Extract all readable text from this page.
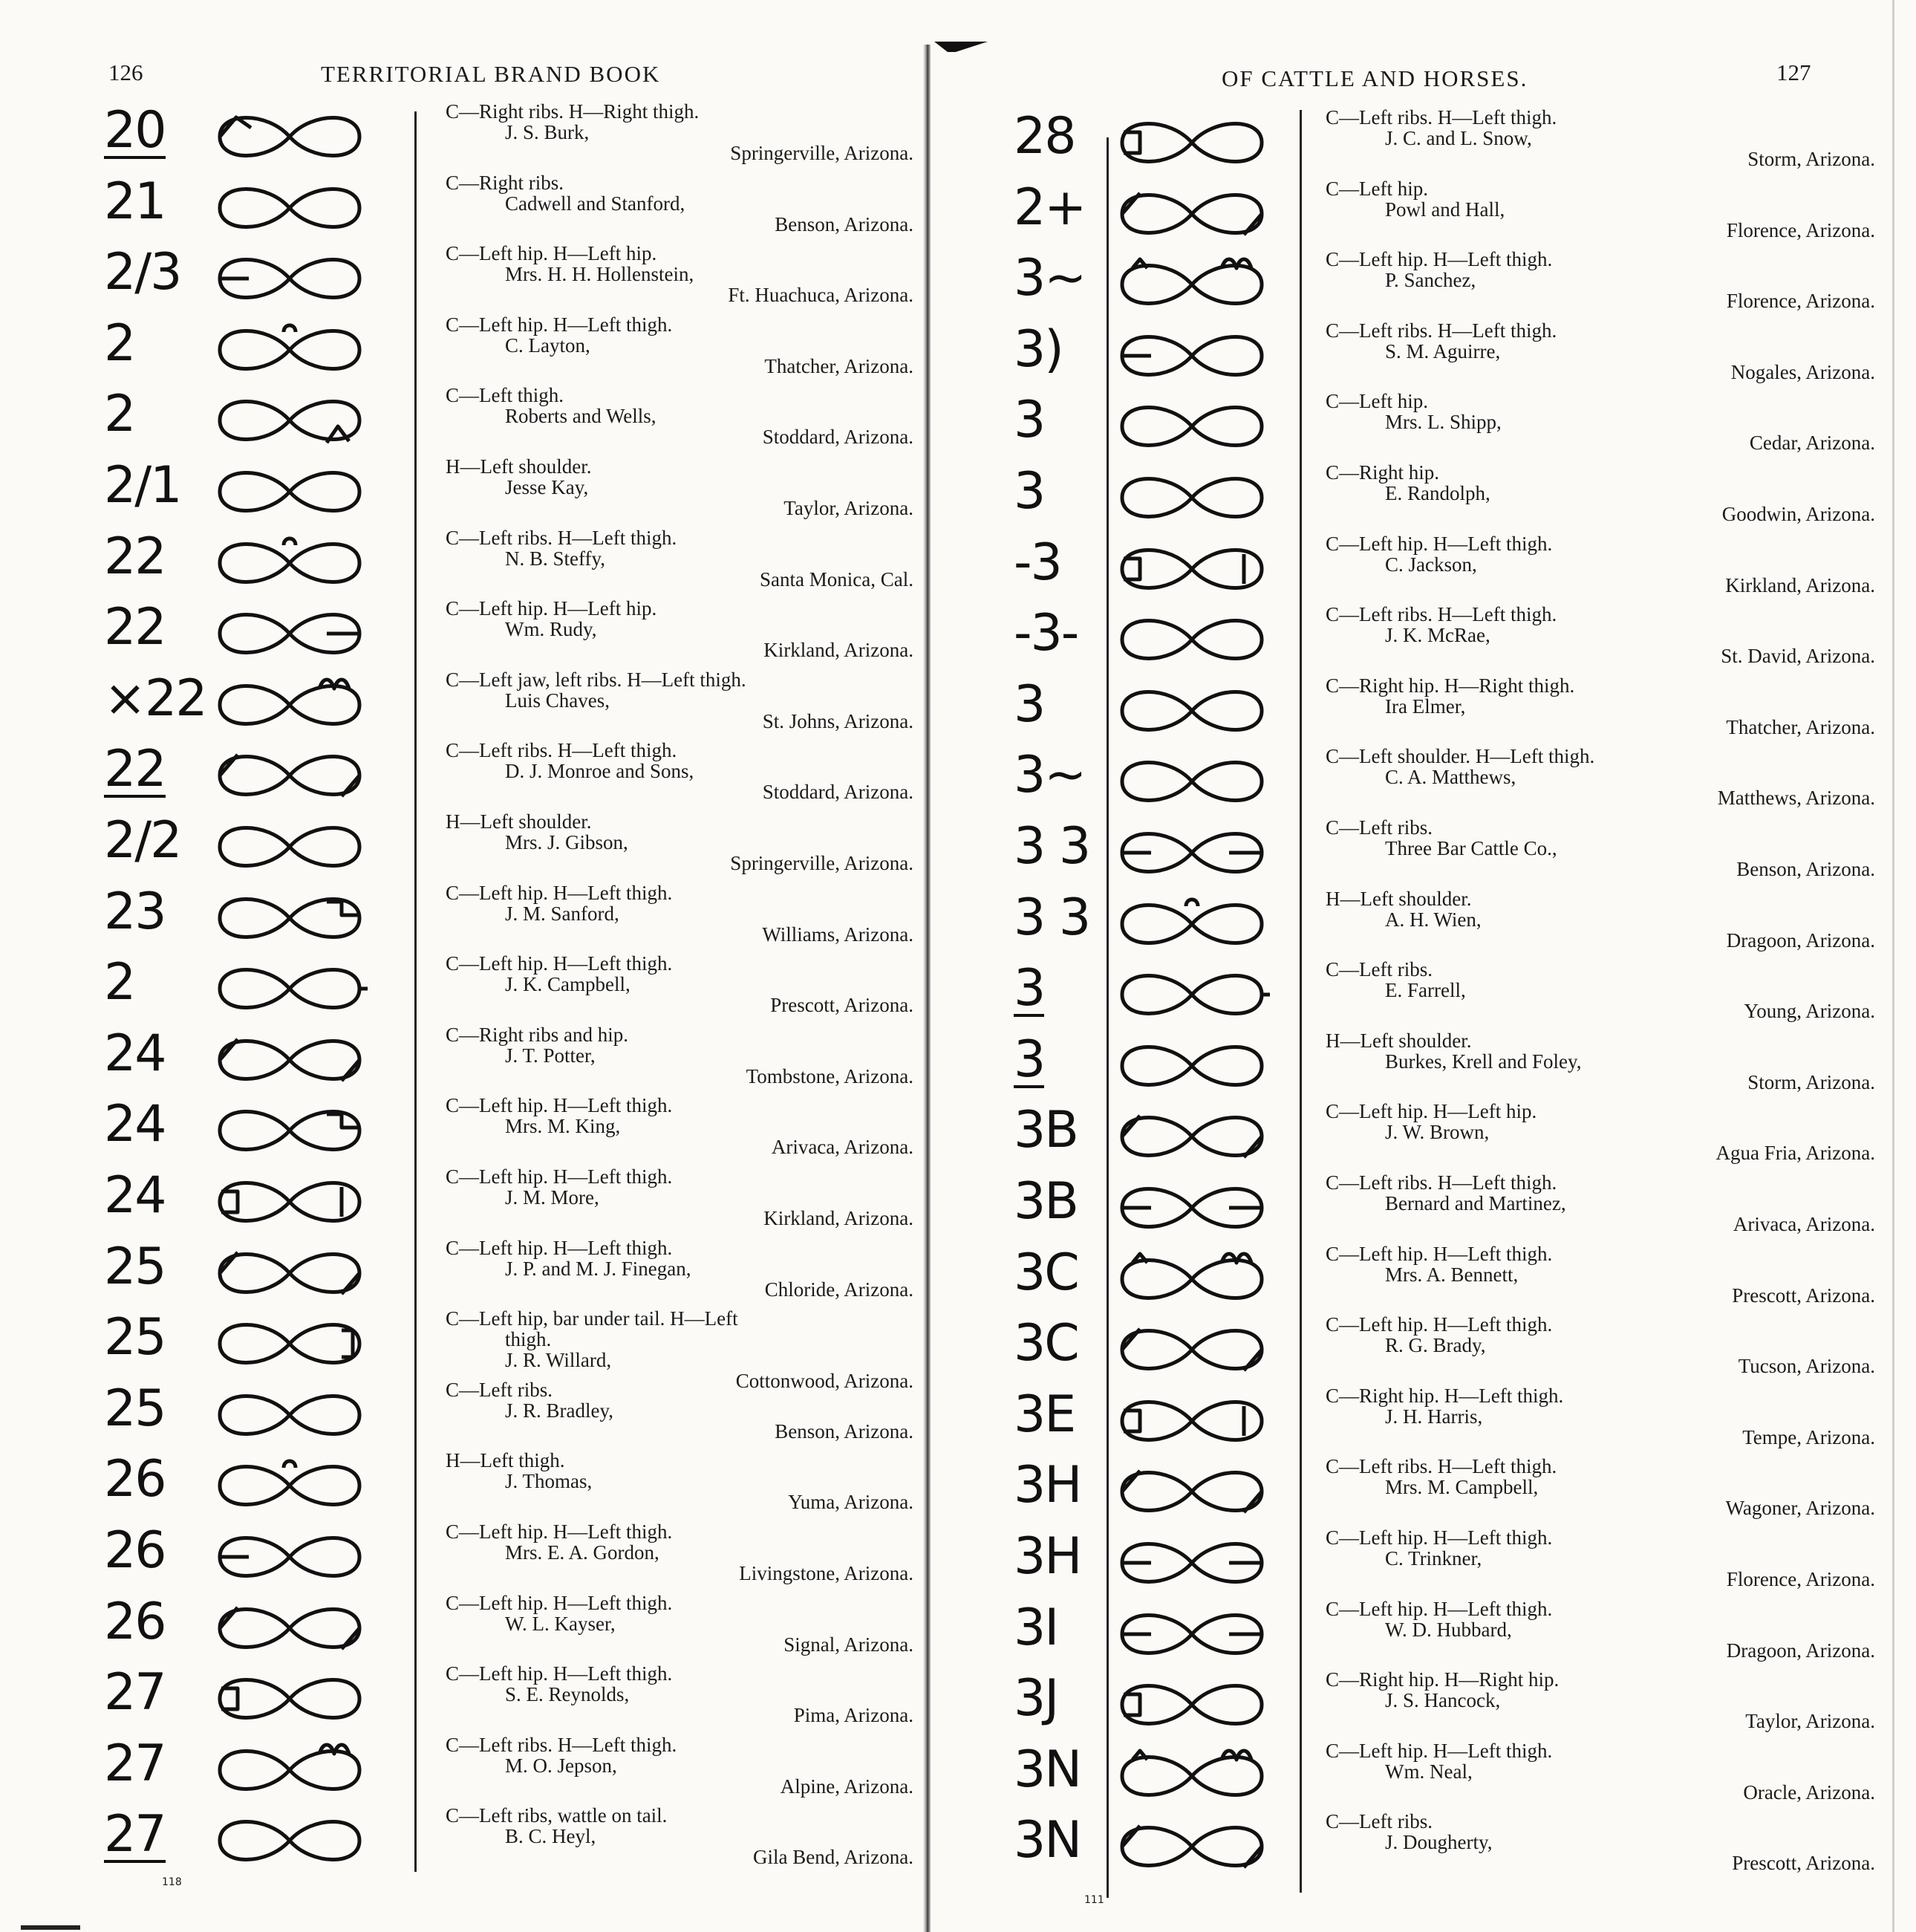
126	TERRITORIAL BRAND BOOK	OF CATTLE AND HORSES.	127
118
111
20	C—Right ribs. H—Right thigh.
J. S. Burk,
Springerville, Arizona.
21	C—Right ribs.
Cadwell and Stanford,
Benson, Arizona.
2/3	C—Left hip. H—Left hip.
Mrs. H. H. Hollenstein,
Ft. Huachuca, Arizona.
2	C—Left hip. H—Left thigh.
C. Layton,
Thatcher, Arizona.
2	C—Left thigh.
Roberts and Wells,
Stoddard, Arizona.
2/1	H—Left shoulder.
Jesse Kay,
Taylor, Arizona.
22	C—Left ribs. H—Left thigh.
N. B. Steffy,
Santa Monica, Cal.
22	C—Left hip. H—Left hip.
Wm. Rudy,
Kirkland, Arizona.
×22	C—Left jaw, left ribs. H—Left thigh.
Luis Chaves,
St. Johns, Arizona.
22	C—Left ribs. H—Left thigh.
D. J. Monroe and Sons,
Stoddard, Arizona.
2/2	H—Left shoulder.
Mrs. J. Gibson,
Springerville, Arizona.
23	C—Left hip. H—Left thigh.
J. M. Sanford,
Williams, Arizona.
2	C—Left hip. H—Left thigh.
J. K. Campbell,
Prescott, Arizona.
24	C—Right ribs and hip.
J. T. Potter,
Tombstone, Arizona.
24	C—Left hip. H—Left thigh.
Mrs. M. King,
Arivaca, Arizona.
24	C—Left hip. H—Left thigh.
J. M. More,
Kirkland, Arizona.
25	C—Left hip. H—Left thigh.
J. P. and M. J. Finegan,
Chloride, Arizona.
25	C—Left hip, bar under tail. H—Left
thigh.
J. R. Willard,
Cottonwood, Arizona.
25	C—Left ribs.
J. R. Bradley,
Benson, Arizona.
26	H—Left thigh.
J. Thomas,
Yuma, Arizona.
26	C—Left hip. H—Left thigh.
Mrs. E. A. Gordon,
Livingstone, Arizona.
26	C—Left hip. H—Left thigh.
W. L. Kayser,
Signal, Arizona.
27	C—Left hip. H—Left thigh.
S. E. Reynolds,
Pima, Arizona.
27	C—Left ribs. H—Left thigh.
M. O. Jepson,
Alpine, Arizona.
27	C—Left ribs, wattle on tail.
B. C. Heyl,
Gila Bend, Arizona.
28	C—Left ribs. H—Left thigh.
J. C. and L. Snow,
Storm, Arizona.
2+	C—Left hip.
Powl and Hall,
Florence, Arizona.
3~	C—Left hip. H—Left thigh.
P. Sanchez,
Florence, Arizona.
3)	C—Left ribs. H—Left thigh.
S. M. Aguirre,
Nogales, Arizona.
3	C—Left hip.
Mrs. L. Shipp,
Cedar, Arizona.
3	C—Right hip.
E. Randolph,
Goodwin, Arizona.
-3	C—Left hip. H—Left thigh.
C. Jackson,
Kirkland, Arizona.
-3-	C—Left ribs. H—Left thigh.
J. K. McRae,
St. David, Arizona.
3	C—Right hip. H—Right thigh.
Ira Elmer,
Thatcher, Arizona.
3~	C—Left shoulder. H—Left thigh.
C. A. Matthews,
Matthews, Arizona.
3 3	C—Left ribs.
Three Bar Cattle Co.,
Benson, Arizona.
3 3	H—Left shoulder.
A. H. Wien,
Dragoon, Arizona.
3	C—Left ribs.
E. Farrell,
Young, Arizona.
3	H—Left shoulder.
Burkes, Krell and Foley,
Storm, Arizona.
3B	C—Left hip. H—Left hip.
J. W. Brown,
Agua Fria, Arizona.
3B	C—Left ribs. H—Left thigh.
Bernard and Martinez,
Arivaca, Arizona.
3C	C—Left hip. H—Left thigh.
Mrs. A. Bennett,
Prescott, Arizona.
3C	C—Left hip. H—Left thigh.
R. G. Brady,
Tucson, Arizona.
3E	C—Right hip. H—Left thigh.
J. H. Harris,
Tempe, Arizona.
3H	C—Left ribs. H—Left thigh.
Mrs. M. Campbell,
Wagoner, Arizona.
3H	C—Left hip. H—Left thigh.
C. Trinkner,
Florence, Arizona.
3I	C—Left hip. H—Left thigh.
W. D. Hubbard,
Dragoon, Arizona.
3J	C—Right hip. H—Right hip.
J. S. Hancock,
Taylor, Arizona.
3N	C—Left hip. H—Left thigh.
Wm. Neal,
Oracle, Arizona.
3N	C—Left ribs.
J. Dougherty,
Prescott, Arizona.
